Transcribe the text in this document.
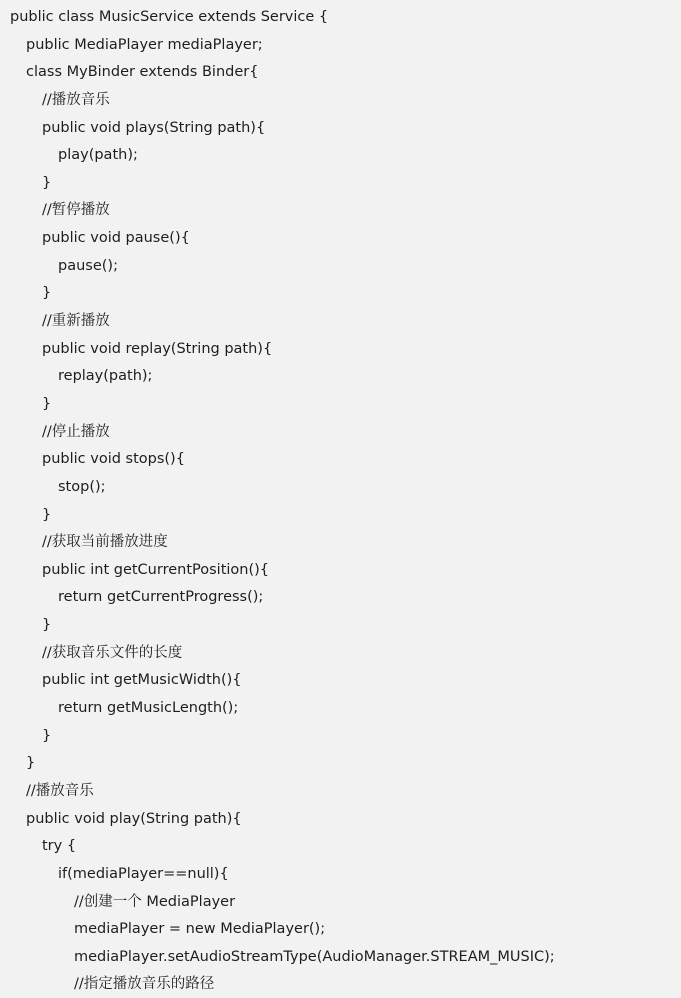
public class MusicService extends Service {
public MediaPlayer mediaPlayer;
class MyBinder extends Binder{
//播放音乐
public void plays(String path){
play(path);
}
//暂停播放
public void pause(){
pause();
}
//重新播放
public void replay(String path){
replay(path);
}
//停止播放
public void stops(){
stop();
}
//获取当前播放进度
public int getCurrentPosition(){
return getCurrentProgress();
}
//获取音乐文件的长度
public int getMusicWidth(){
return getMusicLength();
}
}
//播放音乐
public void play(String path){
try {
if(mediaPlayer==null){
//创建一个 MediaPlayer
mediaPlayer = new MediaPlayer();
mediaPlayer.setAudioStreamType(AudioManager.STREAM_MUSIC);
//指定播放音乐的路径
